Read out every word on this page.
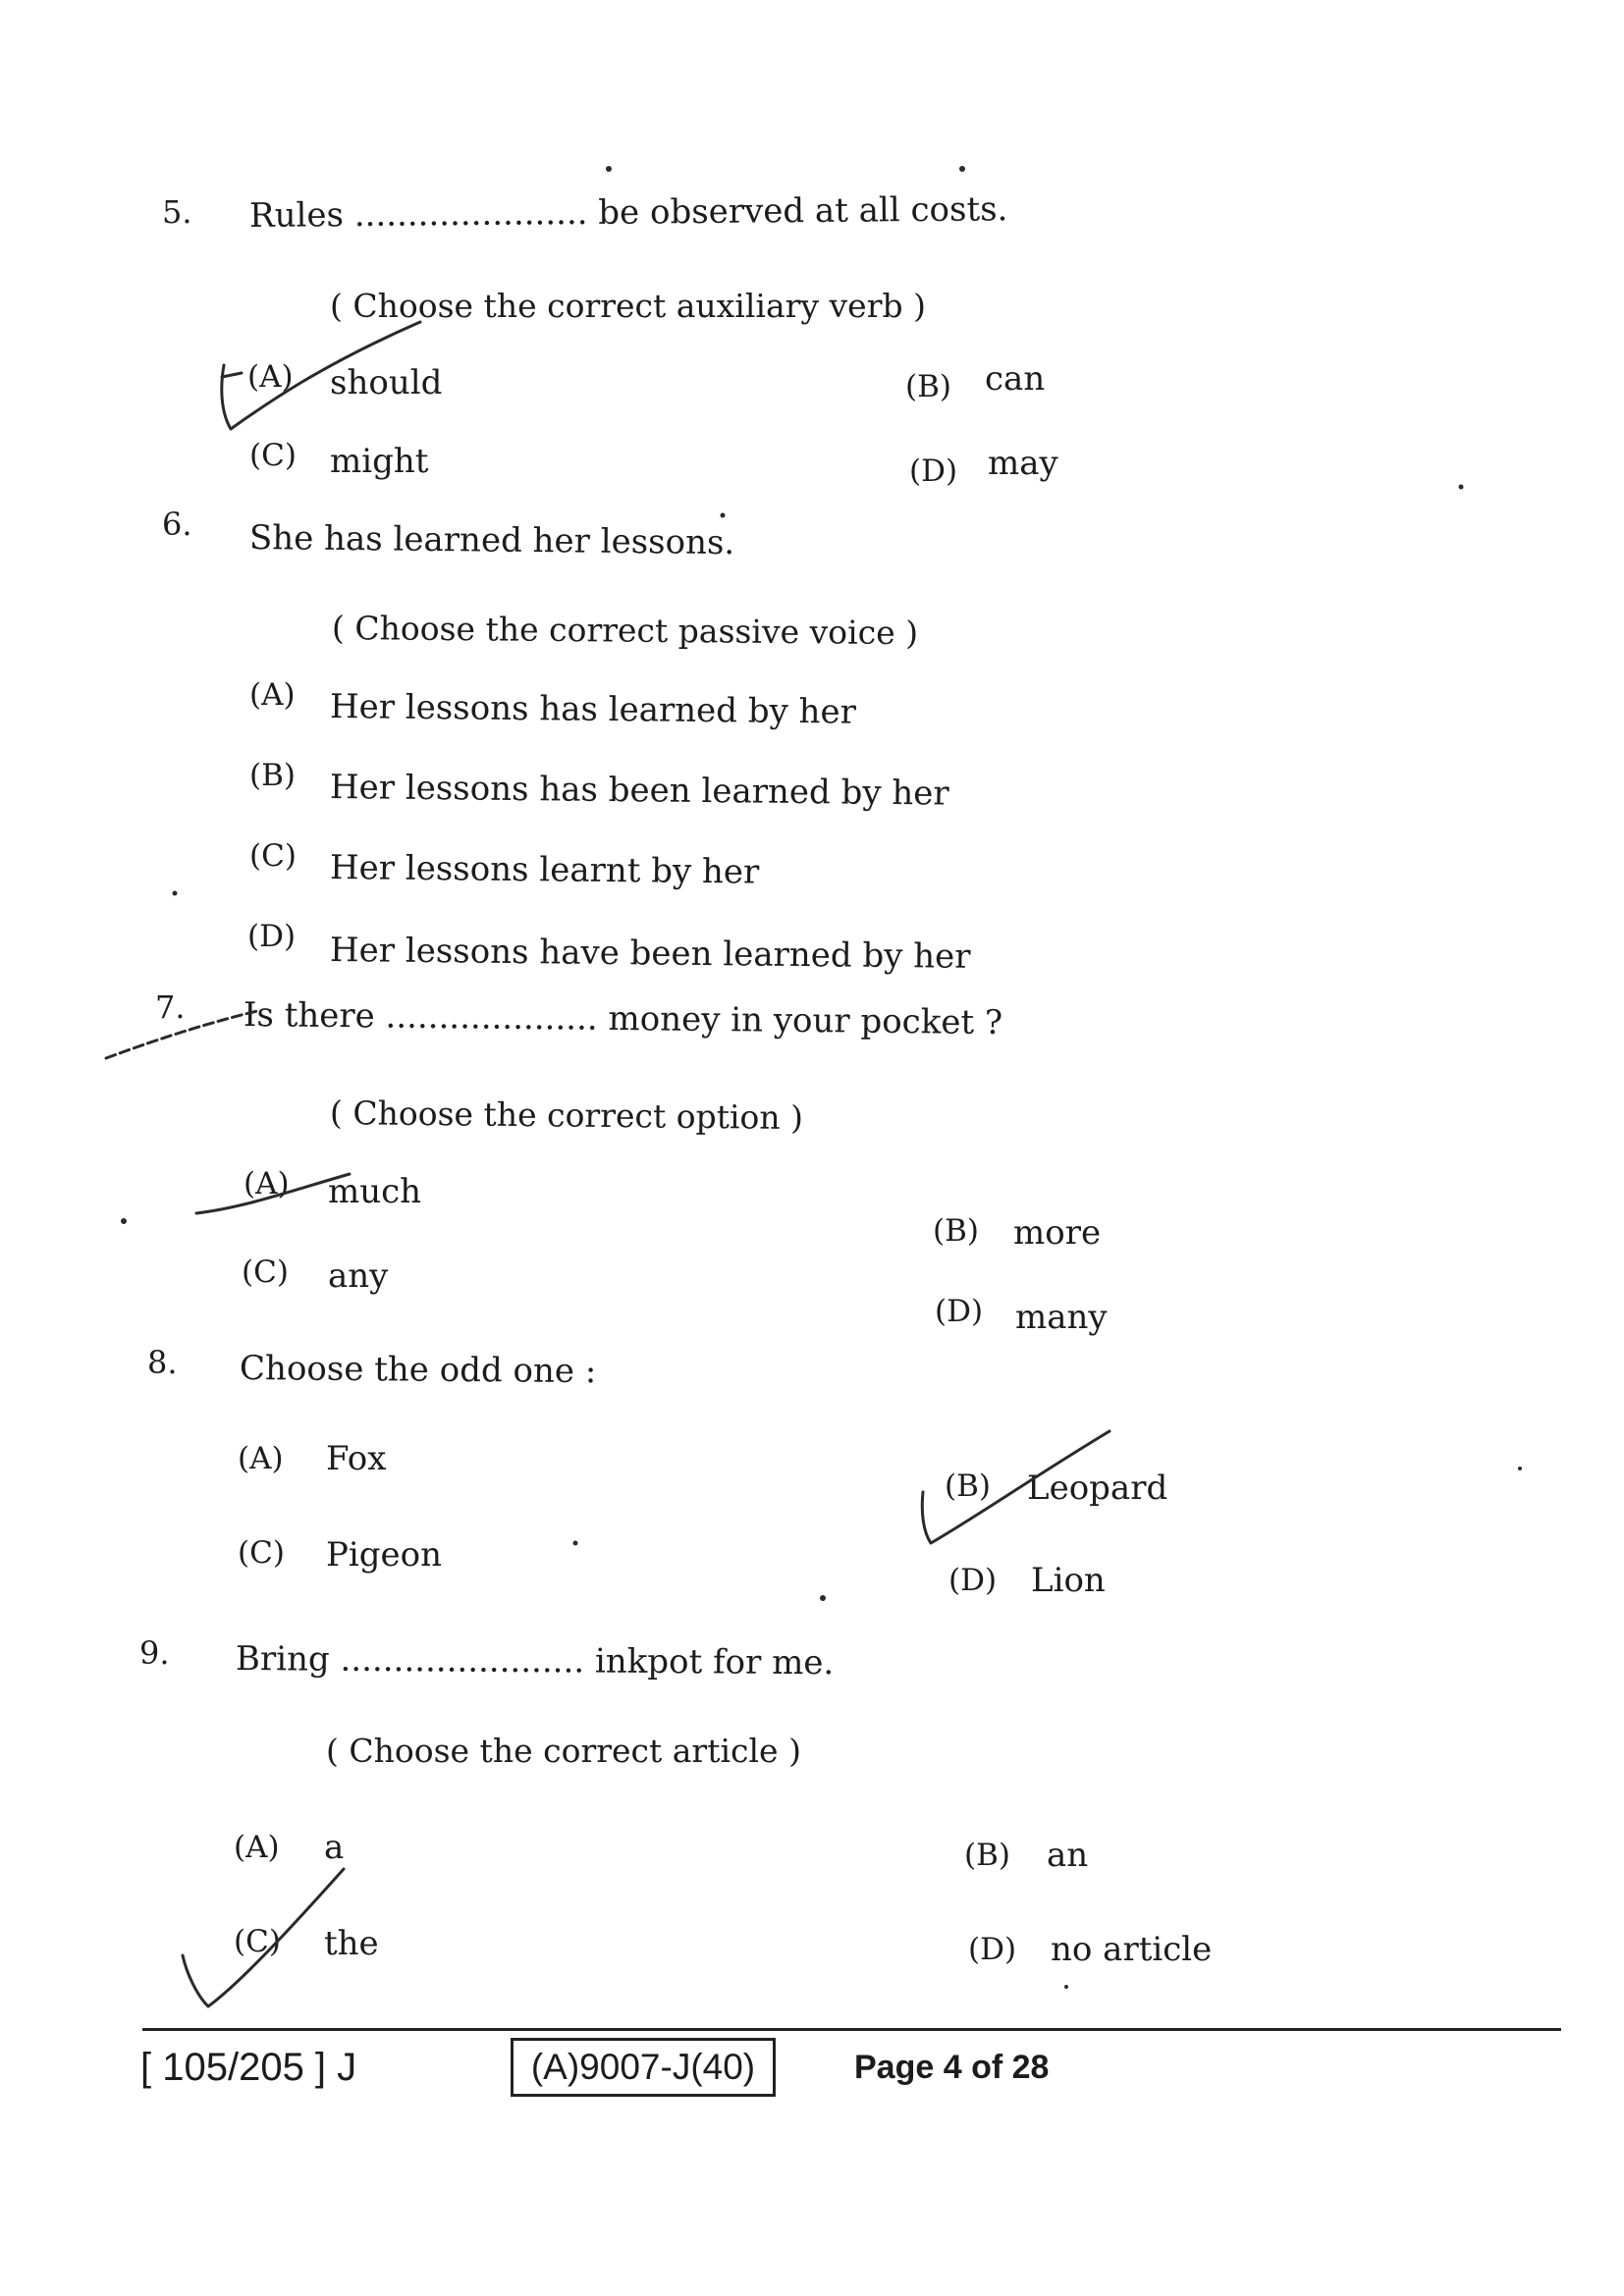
5. Rules ...................... be observed at all costs.
( Choose the correct auxiliary verb )
(A) should	(B) can
(C) might	(D) may
6. She has learned her lessons.
( Choose the correct passive voice )
(A) Her lessons has learned by her
(B) Her lessons has been learned by her
(C) Her lessons learnt by her
(D) Her lessons have been learned by her
7. Is there .................... money in your pocket ?
( Choose the correct option )
(A) much
(B) more
(C) any
(D) many
8. Choose the odd one :
(A) Fox
(B) Leopard
(C) Pigeon
(D) Lion
9. Bring ....................... inkpot for me.
( Choose the correct article )
(A) a	(B) an
(C) the	(D) no article
[ 105/205 ] J	(A)9007-J(40)	Page 4 of 28
